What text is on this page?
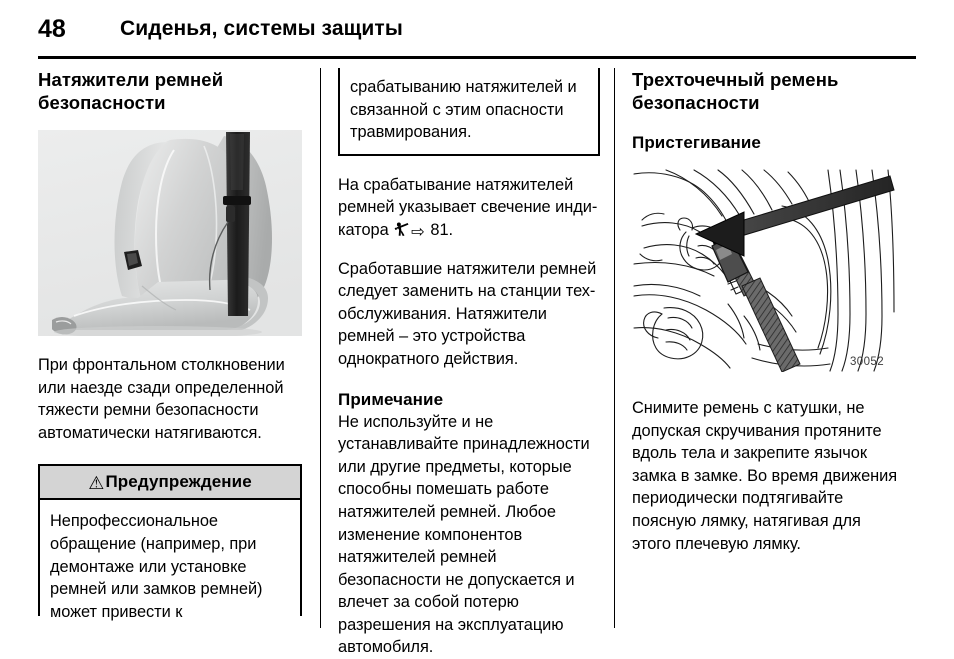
48	Сиденья, системы защиты
Натяжители ремней безопасности

При фронтальном столкновении или наезде сзади определенной тяжести ремни безопасности автоматически натягиваются.

⚠ Предупреждение

Непрофессиональное обращение (например, при демонтаже или установке ремней или замков ремней) может привести к

срабатыванию натяжителей и связанной с этим опасности травмирования.

На срабатывание натяжителей ремней указывает свечение инди-катора ⇨ 81.

Сработавшие натяжители ремней следует заменить на станции тех-обслуживания. Натяжители ремней – это устройства однократного действия.

Примечание

Не используйте и не устанавливайте принадлежности или другие предметы, которые способны помешать работе натяжителей ремней. Любое изменение компонентов натяжителей ремней безопасности не допускается и влечет за собой потерю разрешения на эксплуатацию автомобиля.

Трехточечный ремень безопасности
Пристегивание
30052

Снимите ремень с катушки, не допуская скручивания протяните вдоль тела и закрепите язычок замка в замке. Во время движения периодически подтягивайте поясную лямку, натягивая для этого плечевую лямку.
